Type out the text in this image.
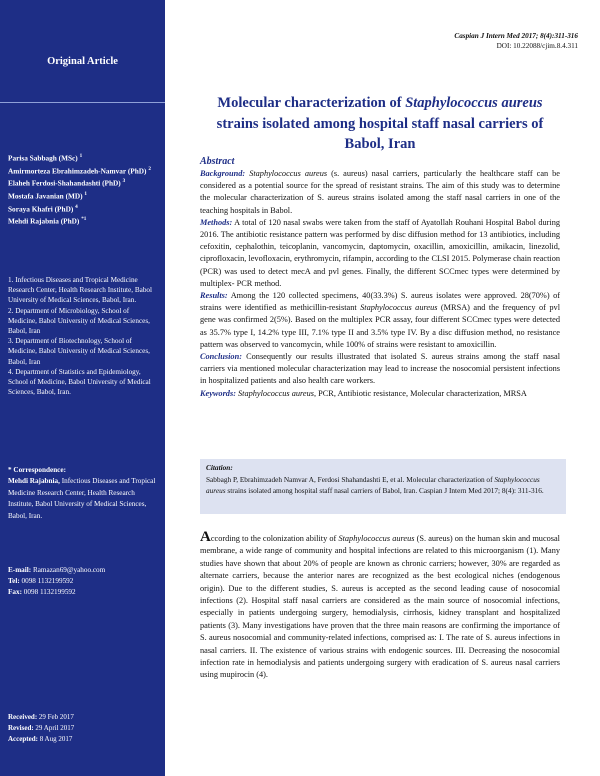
Original Article
Parisa Sabbagh (MSc) $^1$
Amirmorteza Ebrahimzadeh-Namvar (PhD) $^2$
Elaheh Ferdosi-Shahandashti (PhD) $^3$
Mostafa Javanian (MD) $^1$
Soraya Khafri (PhD) $^4$
Mehdi Rajabnia (PhD) $^{*1}$
1. Infectious Diseases and Tropical Medicine Research Center, Health Research Institute, Babol University of Medical Sciences, Babol, Iran.
2. Department of Microbiology, School of Medicine, Babol University of Medical Sciences, Babol, Iran
3. Department of Biotechnology, School of Medicine, Babol University of Medical Sciences, Babol, Iran
4. Department of Statistics and Epidemiology, School of Medicine, Babol University of Medical Sciences, Babol, Iran.
* Correspondence:
Mehdi Rajabnia, Infectious Diseases and Tropical Medicine Research Center, Health Research Institute, Babol University of Medical Sciences, Babol, Iran.
E-mail: Ramazan69@yahoo.com
Tel: 0098 1132199592
Fax: 0098 1132199592
Received: 29 Feb 2017
Revised: 29 April 2017
Accepted: 8 Aug 2017
Caspian J Intern Med 2017; 8(4):311-316
DOI: 10.22088/cjim.8.4.311
Molecular characterization of Staphylococcus aureus strains isolated among hospital staff nasal carriers of Babol, Iran
Abstract

Background: Staphylococcus aureus (s. aureus) nasal carriers, particularly the healthcare staff can be considered as a potential source for the spread of resistant strains. The aim of this study was to determine the molecular characterization of S. aureus strains isolated among the staff nasal carriers in one of the teaching hospitals in Babol.

Methods: A total of 120 nasal swabs were taken from the staff of Ayatollah Rouhani Hospital Babol during 2016. The antibiotic resistance pattern was performed by disc diffusion method for 13 antibiotics, including cefoxitin, cephalothin, teicoplanin, vancomycin, daptomycin, oxacillin, amoxicillin, amikacin, linezolid, ciprofloxacin, levofloxacin, erythromycin, rifampin, according to the CLSI 2015. Polymerase chain reaction (PCR) was used to detect mecA and pvl genes. Finally, the different SCCmec types were determined by multiplex- PCR method.

Results: Among the 120 collected specimens, 40(33.3%) S. aureus isolates were approved. 28(70%) of strains were identified as methicillin-resistant Staphylococcus aureus (MRSA) and the frequency of pvl gene was confirmed 2(5%). Based on the multiplex PCR assay, four different SCCmec types were detected as 35.7% type I, 14.2% type III, 7.1% type II and 3.5% type IV. By a disc diffusion method, no resistance pattern was observed to vancomycin, while 100% of strains were resistant to amoxicillin.

Conclusion: Consequently our results illustrated that isolated S. aureus strains among the staff nasal carriers via mentioned molecular characterization may lead to increase the nosocomial persistent infections in hospitalized patients and also health care workers.

Keywords: Staphylococcus aureus, PCR, Antibiotic resistance, Molecular characterization, MRSA

Citation:
Sabbagh P, Ebrahimzadeh Namvar A, Ferdosi Shahandashti E, et al. Molecular characterization of Staphylococcus aureus strains isolated among hospital staff nasal carriers of Babol, Iran. Caspian J Intern Med 2017; 8(4): 311-316.

According to the colonization ability of Staphylococcus aureus (S. aureus) on the human skin and mucosal membrane, a wide range of community and hospital infections are related to this microorganism (1). Many studies have shown that about 20% of people are known as chronic carriers; however, 30% are regarded as alternate carriers, because the anterior nares are recognized as the best ecological niches (endogenous origin). Due to the different studies, S. aureus is accepted as the second leading cause of nosocomial infections (2). Hospital staff nasal carriers are considered as the main source of nosocomial infections, especially in patients undergoing surgery, hemodialysis, cirrhosis, kidney transplant and hospitalized patients (3). Many investigations have proven that the three main reasons are confirming the importance of S. aureus nosocomial and community-related infections, comprised as: I. The rate of S. aureus infections in nasal carriers. II. The existence of various strains with endogenic sources. III. Decreasing the nosocomial infection rate in hemodialysis and patients undergoing surgery with eradication of S. aureus nasal carriers using mupirocin (4).
